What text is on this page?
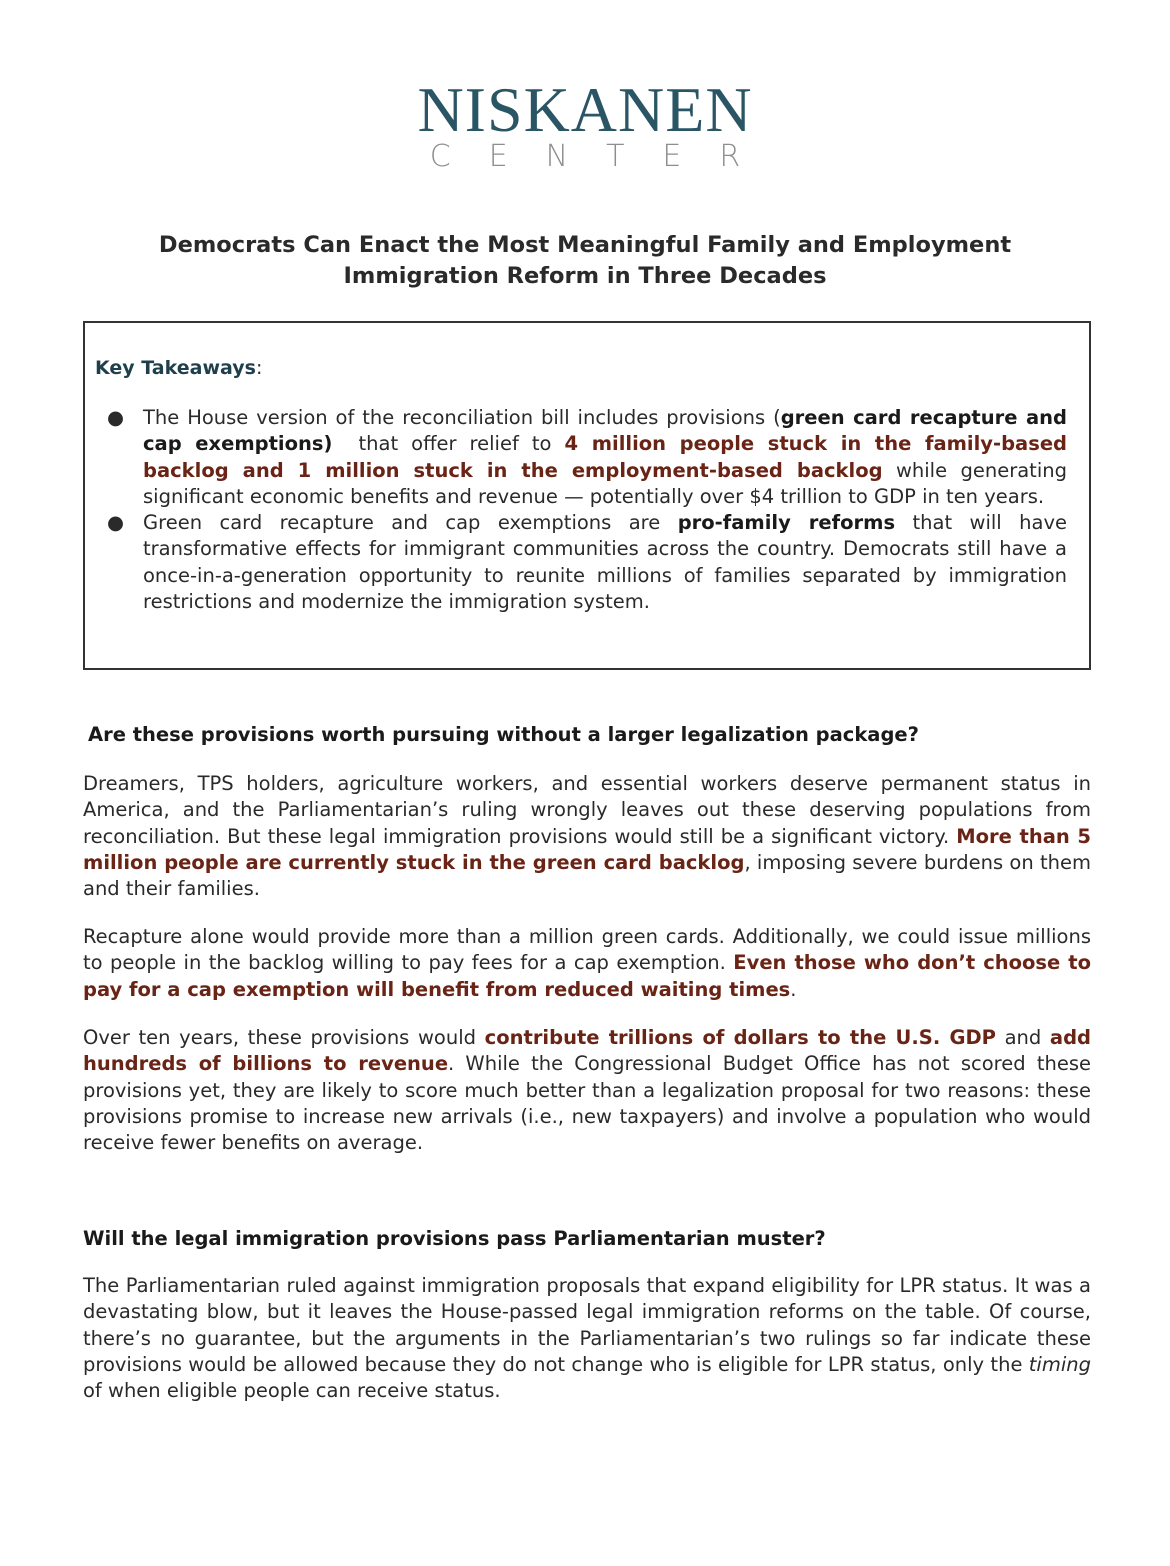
NISKANEN
CENTER
Democrats Can Enact the Most Meaningful Family and Employment
Immigration Reform in Three Decades
Key Takeaways:
● The House version of the reconciliation bill includes provisions (green card recapture and cap exemptions)  that offer relief to 4 million people stuck in the family-based backlog and 1 million stuck in the employment-based backlog while generating significant economic benefits and revenue — potentially over $4 trillion to GDP in ten years.
● Green card recapture and cap exemptions are pro-family reforms that will have transformative effects for immigrant communities across the country. Democrats still have a once-in-a-generation opportunity to reunite millions of families separated by immigration restrictions and modernize the immigration system.

Are these provisions worth pursuing without a larger legalization package?

Dreamers, TPS holders, agriculture workers, and essential workers deserve permanent status in America, and the Parliamentarian’s ruling wrongly leaves out these deserving populations from reconciliation. But these legal immigration provisions would still be a significant victory. More than 5 million people are currently stuck in the green card backlog, imposing severe burdens on them and their families.

Recapture alone would provide more than a million green cards. Additionally, we could issue millions to people in the backlog willing to pay fees for a cap exemption. Even those who don’t choose to pay for a cap exemption will benefit from reduced waiting times.

Over ten years, these provisions would contribute trillions of dollars to the U.S. GDP and add hundreds of billions to revenue. While the Congressional Budget Office has not scored these provisions yet, they are likely to score much better than a legalization proposal for two reasons: these provisions promise to increase new arrivals (i.e., new taxpayers) and involve a population who would receive fewer benefits on average.

Will the legal immigration provisions pass Parliamentarian muster?

The Parliamentarian ruled against immigration proposals that expand eligibility for LPR status. It was a devastating blow, but it leaves the House-passed legal immigration reforms on the table. Of course, there’s no guarantee, but the arguments in the Parliamentarian’s two rulings so far indicate these provisions would be allowed because they do not change who is eligible for LPR status, only the timing of when eligible people can receive status.
